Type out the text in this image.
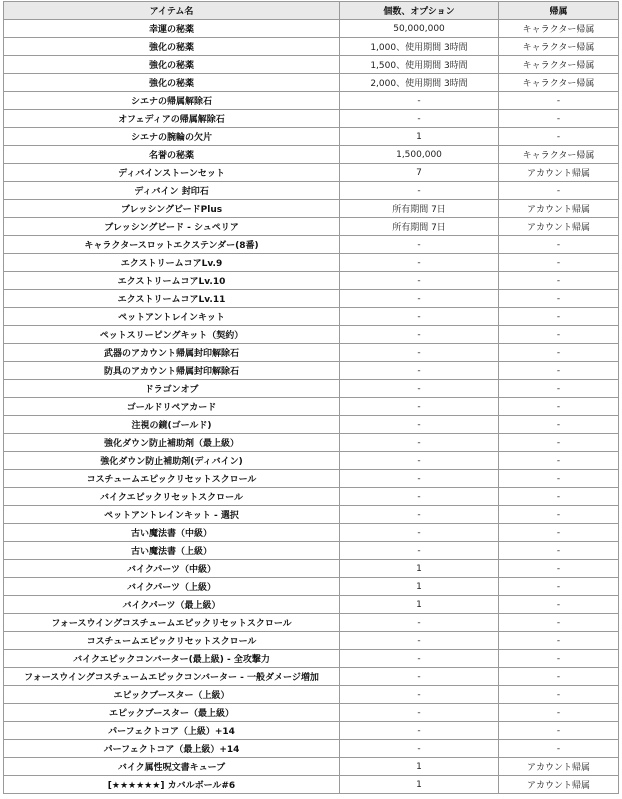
アイテム名	個数、オプション	帰属
幸運の秘薬	50,000,000	キャラクター帰属
強化の秘薬	1,000、使用期間 3時間	キャラクター帰属
強化の秘薬	1,500、使用期間 3時間	キャラクター帰属
強化の秘薬	2,000、使用期間 3時間	キャラクター帰属
シエナの帰属解除石	-	-
オフェディアの帰属解除石	-	-
シエナの腕輪の欠片	1	-
名誉の秘薬	1,500,000	キャラクター帰属
ディバインストーンセット	7	アカウント帰属
ディバイン 封印石	-	-
ブレッシングビードPlus	所有期間 7日	アカウント帰属
ブレッシングビード - シュペリア	所有期間 7日	アカウント帰属
キャラクタースロットエクステンダー(8番)	-	-
エクストリームコアLv.9	-	-
エクストリームコアLv.10	-	-
エクストリームコアLv.11	-	-
ペットアントレインキット	-	-
ペットスリーピングキット（契約）	-	-
武器のアカウント帰属封印解除石	-	-
防具のアカウント帰属封印解除石	-	-
ドラゴンオブ	-	-
ゴールドリペアカード	-	-
注視の鏡(ゴールド)	-	-
強化ダウン防止補助剤（最上級）	-	-
強化ダウン防止補助剤(ディバイン)	-	-
コスチュームエピックリセットスクロール	-	-
バイクエピックリセットスクロール	-	-
ペットアントレインキット - 選択	-	-
古い魔法書（中級）	-	-
古い魔法書（上級）	-	-
バイクパーツ（中級）	1	-
バイクパーツ（上級）	1	-
バイクパーツ（最上級）	1	-
フォースウイングコスチュームエピックリセットスクロール	-	-
コスチュームエピックリセットスクロール	-	-
バイクエピックコンバーター(最上級) - 全攻撃力	-	-
フォースウイングコスチュームエピックコンバーター - 一般ダメージ増加	-	-
エピックブースター（上級）	-	-
エピックブースター（最上級）	-	-
パーフェクトコア（上級）+14	-	-
パーフェクトコア（最上級）+14	-	-
バイク属性呪文書キューブ	1	アカウント帰属
[★★★★★★] カバルボール#6	1	アカウント帰属
